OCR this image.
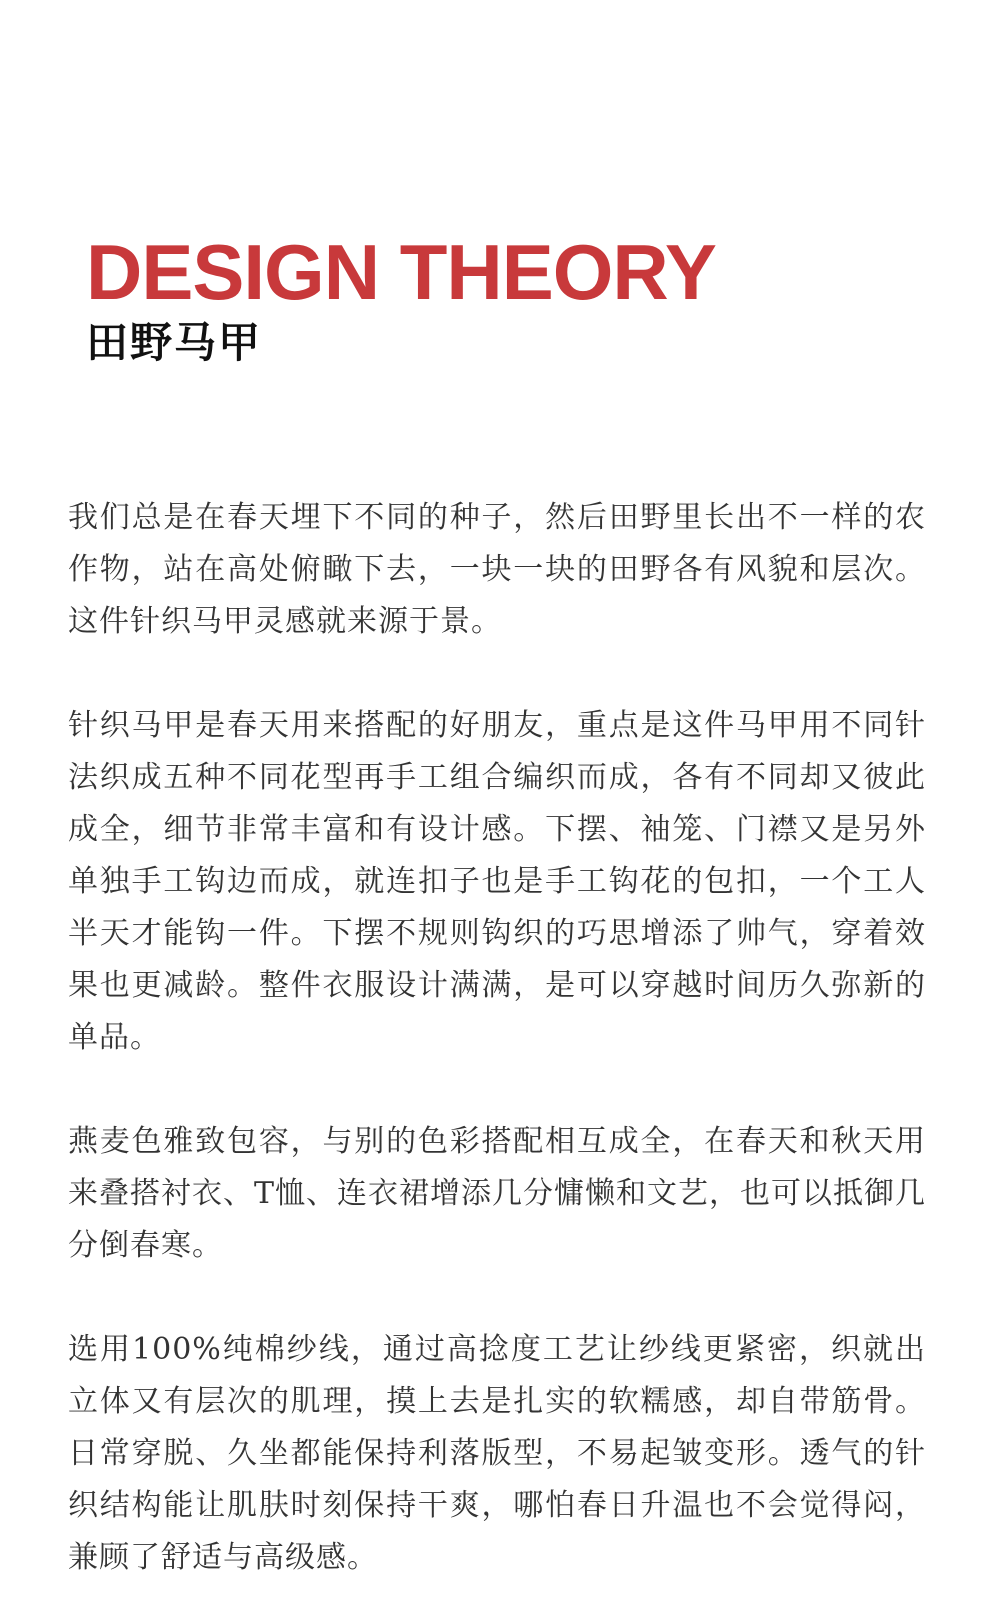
DESIGN THEORY
田野马甲

我们总是在春天埋下不同的种子，然后田野里长出不一样的农作物，站在高处俯瞰下去，一块一块的田野各有风貌和层次。这件针织马甲灵感就来源于景。

针织马甲是春天用来搭配的好朋友，重点是这件马甲用不同针法织成五种不同花型再手工组合编织而成，各有不同却又彼此成全，细节非常丰富和有设计感。下摆、袖笼、门襟又是另外单独手工钩边而成，就连扣子也是手工钩花的包扣，一个工人半天才能钩一件。下摆不规则钩织的巧思增添了帅气，穿着效果也更减龄。整件衣服设计满满，是可以穿越时间历久弥新的单品。

燕麦色雅致包容，与别的色彩搭配相互成全，在春天和秋天用来叠搭衬衣、T恤、连衣裙增添几分慵懒和文艺，也可以抵御几分倒春寒。

选用100%纯棉纱线，通过高捻度工艺让纱线更紧密，织就出立体又有层次的肌理，摸上去是扎实的软糯感，却自带筋骨。日常穿脱、久坐都能保持利落版型，不易起皱变形。透气的针织结构能让肌肤时刻保持干爽，哪怕春日升温也不会觉得闷，兼顾了舒适与高级感。
